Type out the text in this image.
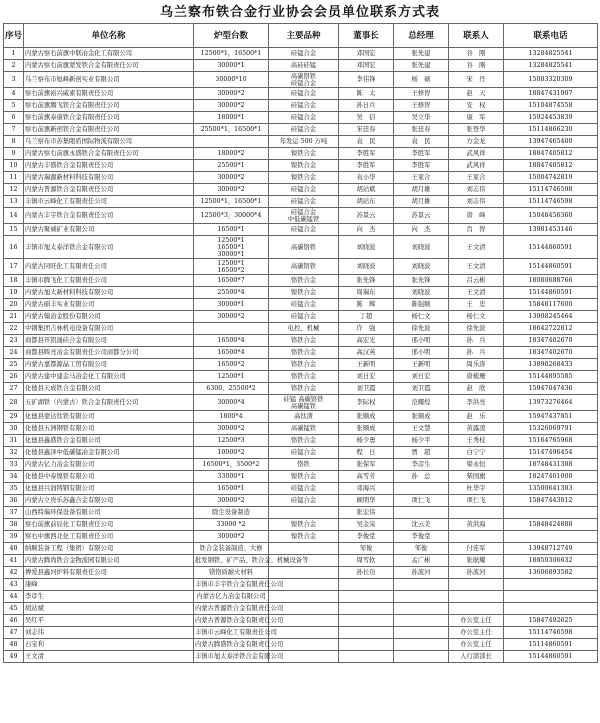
乌兰察布铁合金行业协会会员单位联系方式表
序号	单位名称	炉型台数	主要品种	董事长	总经理	联系人	联系电话
1	内蒙古察右前旗中联冶金化工有限公司	12500*1，16500*1	硅锰合金	邓国宏	张先建	谷　刚	13284825541
2	内蒙古察右前旗蒙发铁合金有限责任公司	30000*1	高硅硅锰	邓国宏	张先建	谷　刚	13284825541
3	乌兰察布市旭峰新创实业有限公司	30000*10	高碳铬铁
硅锰合金	李伟锋	杨　硕	宋　丹	15083320309
4	察右前旗裕兴威素有限责任公司	30000*2	硅锰合金	陈　太	王修智	赵　天	18847431907
5	察右前旗腾飞铁合金有限责任公司	30000*2	硅锰合金	孙日兵	王修智	安　权	15104874558
6	察右前旗泰康铁合金有限责任公司	18000*1	硅锰合金	吴　信	吴立华	康　军	15924453839
7	察右前旗新创铁合金有限责任公司	25500*1，16500*1	硅锰合金	宋廷春	张廷春	张登华	15114866230
8	乌兰察布市苏集眼盾国际物流有限公司		年发运 500 万吨	袁　民	袁　民	方金龙	13947465400
9	内蒙古察右前旗永盛铁合金有限责任公司	18000*2	镍铁合金	李胜军	李胜军	武风祥	18847405812
10	内蒙古丰盛铁合金有限责任公司	25500*1	镍铁合金	李胜军	李胜军	武风祥	18847405812
11	内蒙古瑞源新材料科技有限公司	30000*2	镍铁合金	袁小华	王家合	王家合	15004742819
12	内蒙古普源铁合金有限责任公司	30000*2	硅锰合金	胡站斌	胡月雄	刘志伟	15114746598
13	丰镇市云峰化工有限责任公司	12500*1，16500*1	硅锰合金	胡站东	胡月雄	刘志伟	15114746598
14	内蒙古丰宇铁合金有限责任公司	12500*3，30000*4	硅锰合金
中低碳锰铁	苏景云	苏景云	唐　峰	15048456360
15	内蒙古聚诚矿业有限公司	16500*1	硅锰合金	向　杰	向　杰	肖　智	13981453146
16	丰镇市旭太泰洋铁合金有限公司	12500*1
16500*1
30000*1	高碳铬铁	刘晓波	刘晓波	王文清	15144860591
17	内蒙古同旺化工有限责任公司	12500*1
16500*2	高碳铬铁	刘晓波	刘晓波	王文清	15144860591
18	丰镇市腾飞化工有限责任公司	16500*7	铬铁合金	张先锋	张先锋	吕云彬	18080688766
19	内蒙古旭太新材料科技有限公司	25500*4	镍铁合金	周瑞东	刘晓波	王文清	15144860591
20	内蒙古硕丰实业有限公司	30000*1	硅锰合金	陈　辉	陈强顺	王　忠	15848117600
21	内蒙古翰冶金股份有限公司	30000*2	硅锰合金	丁超	杨仁文	杨仁文	13908245464
22	中钢集团吉林机电设备有限公司		电控，机械	许　强	徐先波	徐先波	18642722812
23	商都县开凯晟硅合金有限公司	16500*4	铬铁合金	高宏光	邢小明	孙　兵	18347402670
24	商都县晖亮冶金有限责任公司商都分公司	16500*4	铬铁合金	高汉英	邢小明	孙　兵	18347402670
25	内蒙古嘉都源晶工贸有限公司	16500*2	铬铁合金	王新明	王新明	周乐涛	13890268433
26	内蒙古建中建金马冶金化工有限公司	12500*1	铬铁合金	刘日宏	刘日宏	唐梳珊	15144895585
27	化德县天成铁合金有限公司	6300、25500*2	铬铁合金	刘卫霞	刘卫霞	赵　欣	15947047436
28	五矿湖铁（内蒙古）铁合金有限责任公司	30000*4	硅锰 高碳铬铁
高碳锰铁	李际权	范耀煌	李洪亮	13973276464
29	化德县蒙达钛铁有限公司	1800*4	高钛渣	张顺成	张顺成	赵　乐	15947437851
30	化德县五洲钢铁有限公司	30000*2	高碳锰铁	张顺成	王文慧	黄露凌	15326069791
31	化德县鑫盛铁合金有限公司	12500*3	铬铁合金	杨少勇	杨少平	王秀枝	15164765968
32	化德县鑫泽中低碳锰冶金有限公司	10000*2	硅锰合金	程　日	贾　超	白宁宁	15147496454
33	内蒙古亿力冶金有限公司	16500*1，3500*2	铬铁	张保军	李彦生	梁永恒	18748431388
34	化德县中泰镍铁有限公司	33000*1	镍铁合金	高雪芳	孙　总	柴国旗	18247401000
35	化德县兴润铸钢有限公司	16500*1	硅锰合金	邓海兴		杜华宇	13500641383
36	内蒙古立贵乐苏鑫合金有限公司	30000*2	硅锰合金	顾明华	项仁飞	项仁飞	15847443812
37	山西特瑞环保设备有限公司	除尘设备制造		张宏伟			
38	察右前旗前辰化工有限责任公司	33000 *2	镍铁合金	吴金泉	沈云美	黄洪海	15848424888
39	察右中旗西北化工有限责任公司	30000*2	镍铁合金	李俊堂	李俊堂		
40	纳顺装备工程（集团）有限公司	铁合金装备制造、大修		邹俊	邹俊	付连军	13948712749
41	内蒙古腾尚铁合金物流园有限公司	批发钢铁、矿产品、铁合金、机械设备等		周雪软	孟广彬	张耿耀	18850306632
42	博爱县鑫河炉料有限责任公司	镁铬质耐火材料		孙长功	孙流河	孙流河	13606893582
43	康峰	丰镇市丰宇铁合金有限责任公司					
44	李彦生	内蒙古亿力冶金有限公司					
45	胡站斌	内蒙古普源铁合金有限责任公司					
46	吴红平	内蒙古普源铁合金有限责任公司				办公室主任	15847492625
47	刘志伟	丰镇市云峰化工有限责任公司				办公室主任	15114746598
48	石宝利	内蒙古腾盛铁合金有限责任公司				办公室主任	15114860591
49	王文清	丰镇市旭太泰洋铁合金有限公司				人行部部长	15144860591
